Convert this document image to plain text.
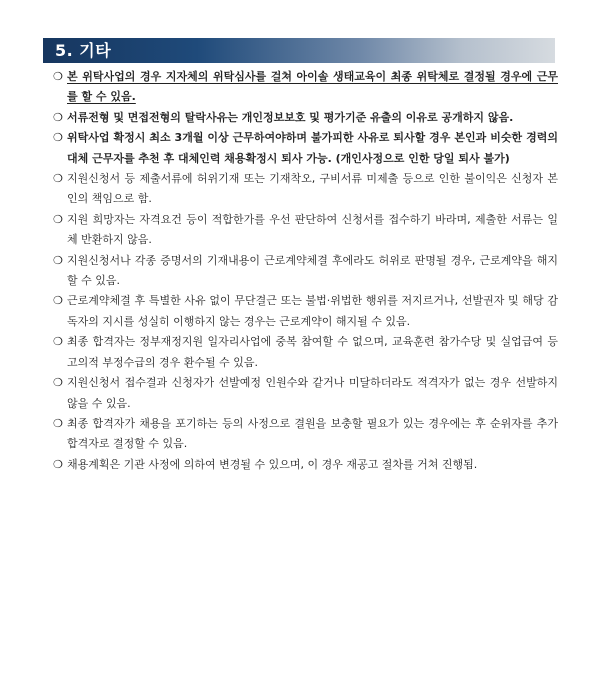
5. 기타
❍ 본 위탁사업의 경우 지자체의 위탁심사를 걸쳐 아이솔 생태교육이 최종 위탁체로 결정될 경우에 근무를 할 수 있음.
❍ 서류전형 및 면접전형의 탈락사유는 개인정보보호 및 평가기준 유출의 이유로 공개하지 않음.
❍ 위탁사업 확정시 최소 3개월 이상 근무하여야하며 불가피한 사유로 퇴사할 경우 본인과 비슷한 경력의 대체 근무자를 추천 후 대체인력 채용확정시 퇴사 가능. (개인사정으로 인한 당일 퇴사 불가)
❍ 지원신청서 등 제출서류에 허위기재 또는 기재착오, 구비서류 미제출 등으로 인한 불이익은 신청자 본인의 책임으로 함.
❍ 지원 희망자는 자격요건 등이 적합한가를 우선 판단하여 신청서를 접수하기 바라며, 제출한 서류는 일체 반환하지 않음.
❍ 지원신청서나 각종 증명서의 기재내용이 근로계약체결 후에라도 허위로 판명될 경우, 근로계약을 해지할 수 있음.
❍ 근로계약체결 후 특별한 사유 없이 무단결근 또는 불법·위법한 행위를 저지르거나, 선발권자 및 해당 감독자의 지시를 성실히 이행하지 않는 경우는 근로계약이 해지될 수 있음.
❍ 최종 합격자는 정부재정지원 일자리사업에 중복 참여할 수 없으며, 교육훈련 참가수당 및 실업급여 등 고의적 부정수급의 경우 환수될 수 있음.
❍ 지원신청서 접수결과 신청자가 선발예정 인원수와 같거나 미달하더라도 적격자가 없는 경우 선발하지 않을 수 있음.
❍ 최종 합격자가 채용을 포기하는 등의 사정으로 결원을 보충할 필요가 있는 경우에는 후 순위자를 추가합격자로 결정할 수 있음.
❍ 채용계획은 기관 사정에 의하여 변경될 수 있으며, 이 경우 재공고 절차를 거쳐 진행됨.
